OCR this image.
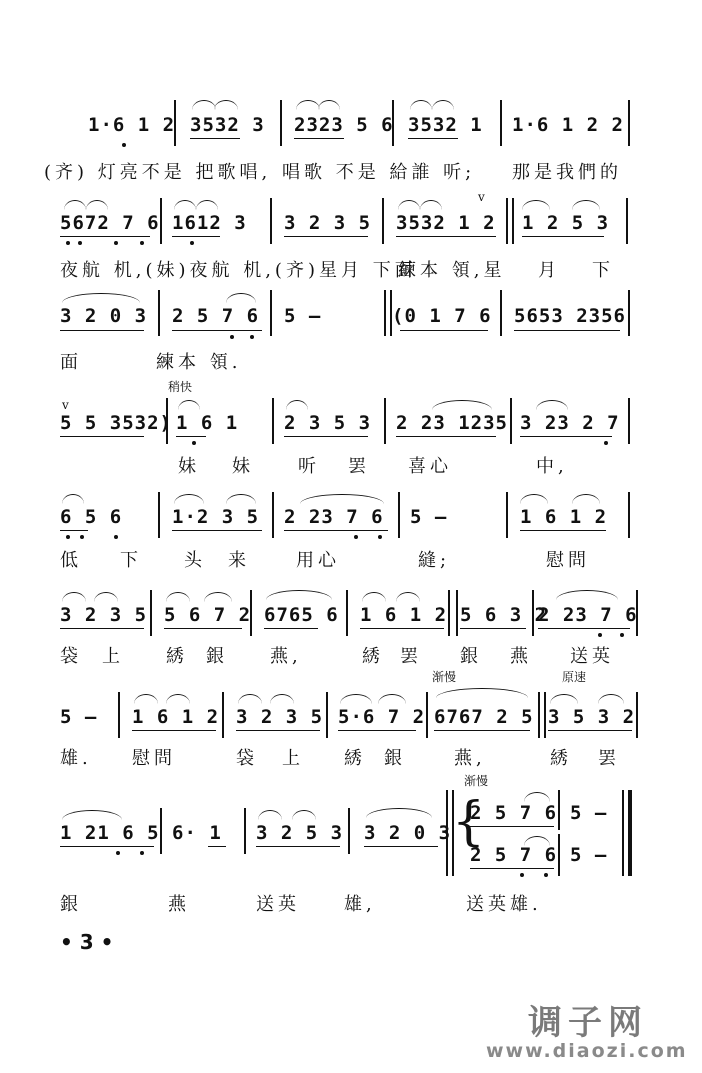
1·6 1 2 3532 3 2323 5 6 3532 1 1·6 1 2 2
(齐) 灯亮不是 把歌唱, 唱歌 不是 給誰 听; 那是我們的
5672 7 6 1612 3 3 2 3 5 3532 1 2
v
1 2 5 3
夜航 机,(妹)夜航 机,(齐)星月 下面
練本 領,星 月 下
3 2 0 3 2 5 7 6 5 –	(0 1 7 6 5653 2356
面	練本 領.
稍快
v
5 5 3532) 1 6 1 2 3 5 3 2 23 1235 3 23 2 7
妹 妹 听 罢 喜心	中,
6 5 6	1·2 3 5 2 23 7 6 5 –	1 6 1 2
低 下 头 来	用心	縫;	慰問
3 2 3 5 5 6 7 2 6765 6 1 6 1 2 5 6 3 2
2 23 7 6
袋 上 綉 銀 燕,	綉 罢 銀 燕 送英
渐慢	原速
5 – 1 6 1 2 3 2 3 5 5·6 7 2 6767 2 5 3 5 3 2
雄. 慰問	袋 上 綉 銀	燕,	綉 罢
渐慢
1 21 6 5 6· 1 3 2 5 3 3 2 0 3 {
2 5 7 6 5 –
2 5 7 6 5 –
銀	燕	送英 雄,	送英雄.
• 3 •
调子网
www.diaozi.com
